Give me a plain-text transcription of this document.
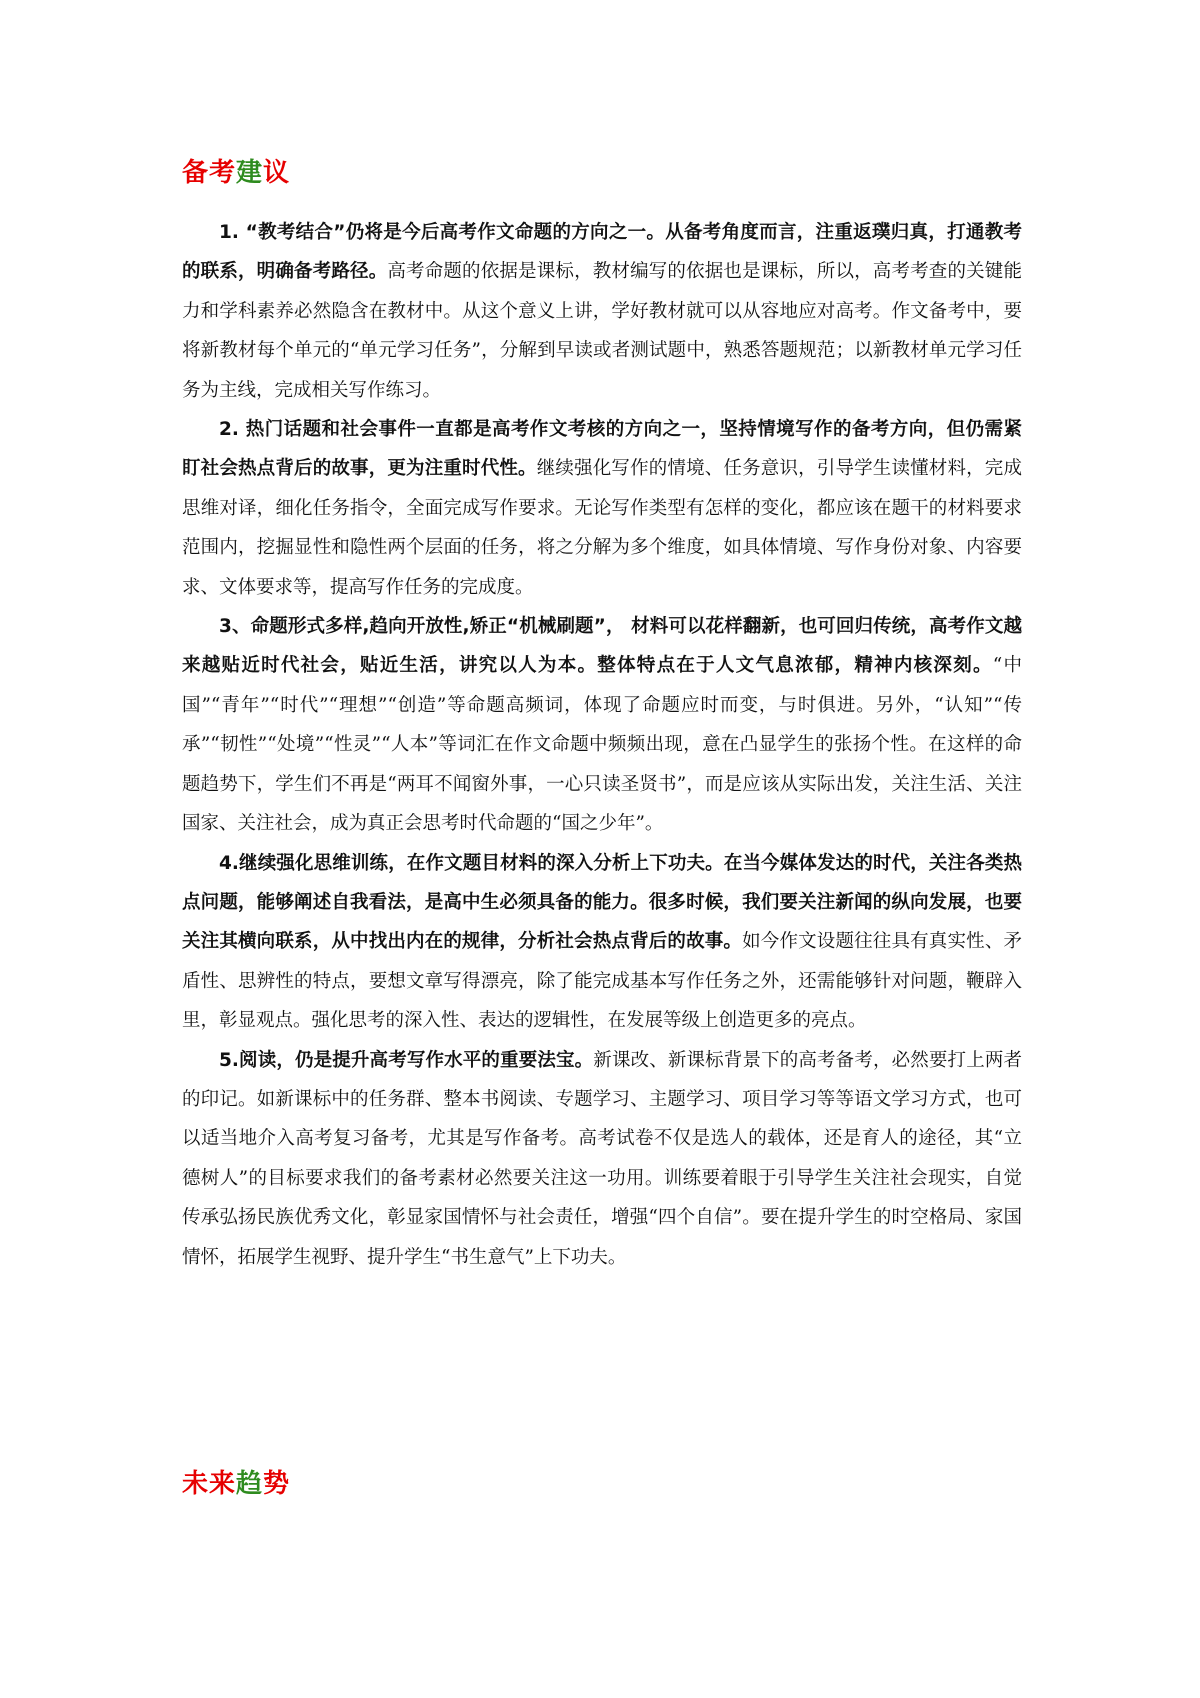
备考建议

1. “教考结合”仍将是今后高考作文命题的方向之一。从备考角度而言，注重返璞归真，打通教考的联系，明确备考路径。高考命题的依据是课标，教材编写的依据也是课标，所以，高考考查的关键能力和学科素养必然隐含在教材中。从这个意义上讲，学好教材就可以从容地应对高考。作文备考中，要将新教材每个单元的“单元学习任务”，分解到早读或者测试题中，熟悉答题规范；以新教材单元学习任务为主线，完成相关写作练习。

2. 热门话题和社会事件一直都是高考作文考核的方向之一，坚持情境写作的备考方向，但仍需紧盯社会热点背后的故事，更为注重时代性。继续强化写作的情境、任务意识，引导学生读懂材料，完成思维对译，细化任务指令，全面完成写作要求。无论写作类型有怎样的变化，都应该在题干的材料要求范围内，挖掘显性和隐性两个层面的任务，将之分解为多个维度，如具体情境、写作身份对象、内容要求、文体要求等，提高写作任务的完成度。

3、命题形式多样,趋向开放性,矫正“机械刷题”， 材料可以花样翻新，也可回归传统，高考作文越来越贴近时代社会，贴近生活，讲究以人为本。整体特点在于人文气息浓郁，精神内核深刻。“中国”“青年”“时代”“理想”“创造”等命题高频词，体现了命题应时而变，与时俱进。另外，“认知”“传承”“韧性”“处境”“性灵”“人本”等词汇在作文命题中频频出现，意在凸显学生的张扬个性。在这样的命题趋势下，学生们不再是“两耳不闻窗外事，一心只读圣贤书”，而是应该从实际出发，关注生活、关注国家、关注社会，成为真正会思考时代命题的“国之少年”。

4.继续强化思维训练，在作文题目材料的深入分析上下功夫。在当今媒体发达的时代，关注各类热点问题，能够阐述自我看法，是高中生必须具备的能力。很多时候，我们要关注新闻的纵向发展，也要关注其横向联系，从中找出内在的规律，分析社会热点背后的故事。如今作文设题往往具有真实性、矛盾性、思辨性的特点，要想文章写得漂亮，除了能完成基本写作任务之外，还需能够针对问题，鞭辟入里，彰显观点。强化思考的深入性、表达的逻辑性，在发展等级上创造更多的亮点。

5.阅读，仍是提升高考写作水平的重要法宝。新课改、新课标背景下的高考备考，必然要打上两者的印记。如新课标中的任务群、整本书阅读、专题学习、主题学习、项目学习等等语文学习方式，也可以适当地介入高考复习备考，尤其是写作备考。高考试卷不仅是选人的载体，还是育人的途径，其“立德树人”的目标要求我们的备考素材必然要关注这一功用。训练要着眼于引导学生关注社会现实，自觉传承弘扬民族优秀文化，彰显家国情怀与社会责任，增强“四个自信”。要在提升学生的时空格局、家国情怀，拓展学生视野、提升学生“书生意气”上下功夫。

未来趋势
